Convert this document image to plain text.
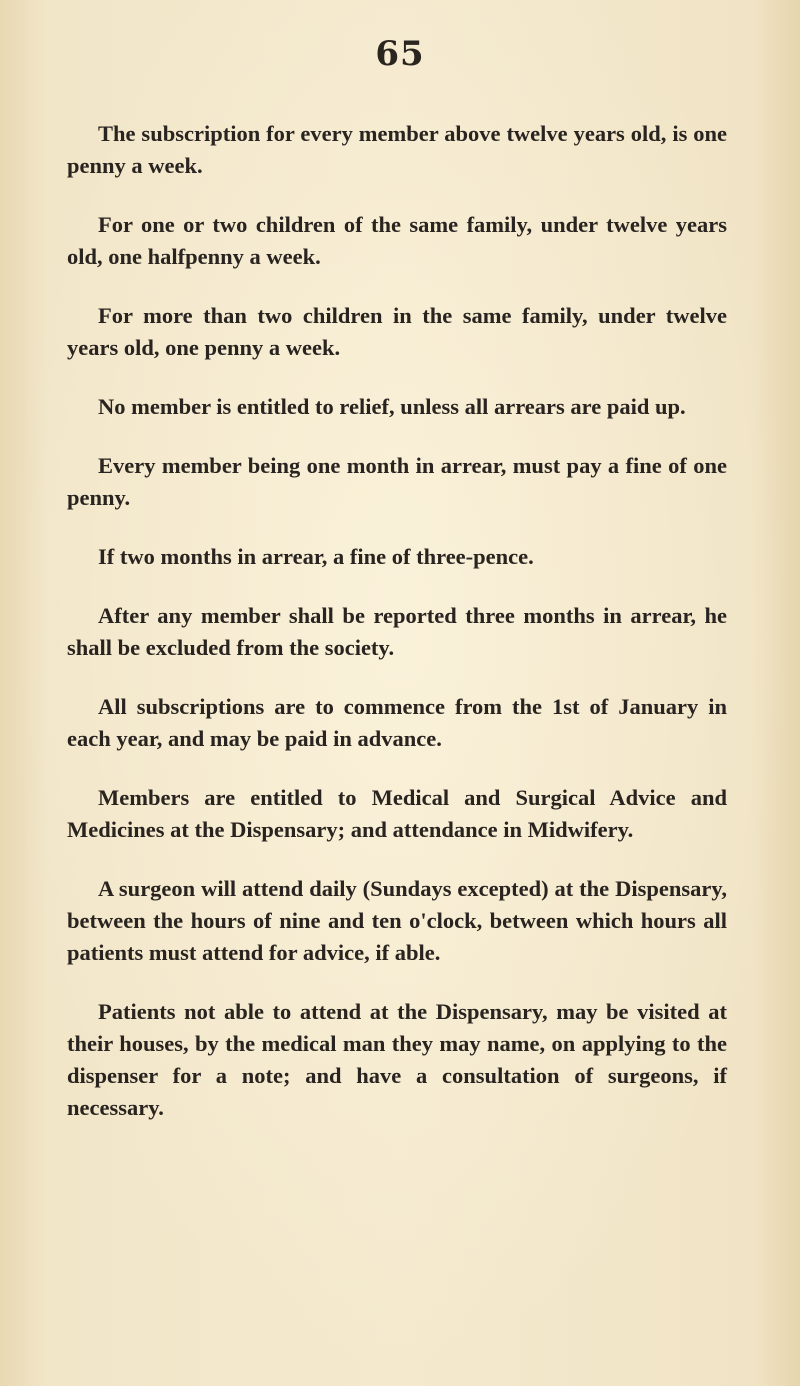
65

The subscription for every member above twelve years old, is one penny a week.

For one or two children of the same family, under twelve years old, one halfpenny a week.

For more than two children in the same family, under twelve years old, one penny a week.

No member is entitled to relief, unless all arrears are paid up.

Every member being one month in arrear, must pay a fine of one penny.

If two months in arrear, a fine of three-pence.

After any member shall be reported three months in arrear, he shall be excluded from the society.

All subscriptions are to commence from the 1st of January in each year, and may be paid in advance.

Members are entitled to Medical and Surgical Advice and Medicines at the Dispensary; and attendance in Midwifery.

A surgeon will attend daily (Sundays excepted) at the Dispensary, between the hours of nine and ten o'clock, between which hours all patients must attend for advice, if able.

Patients not able to attend at the Dispensary, may be visited at their houses, by the medical man they may name, on applying to the dispenser for a note; and have a consultation of surgeons, if necessary.
